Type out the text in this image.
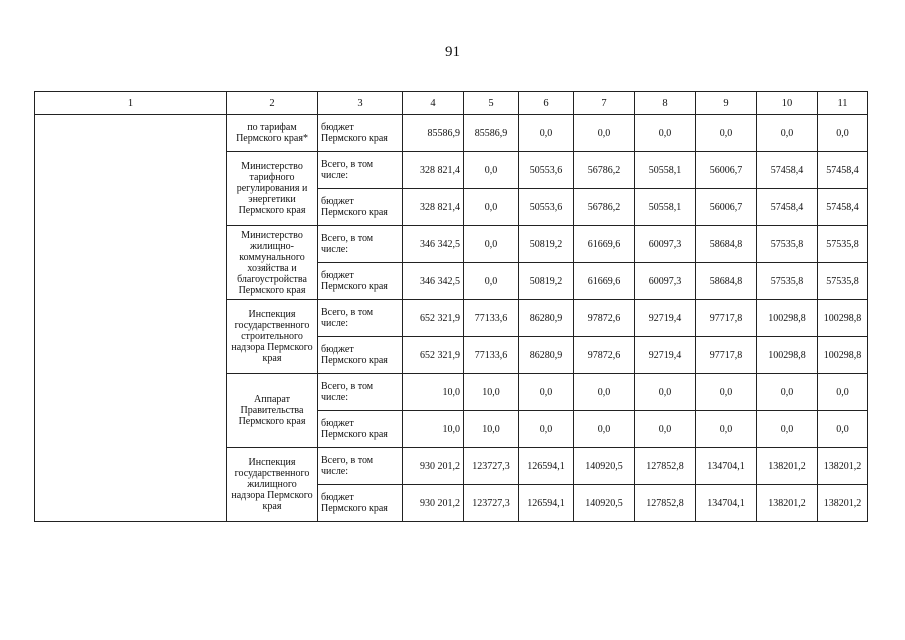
91
1	2	3	4	5	6	7	8	9	10	11
	по тарифам Пермского края*	бюджет Пермского края	85586,9	85586,9	0,0	0,0	0,0	0,0	0,0	0,0
	Министерство тарифного регулирования и энергетики Пермского края	Всего, в том числе:	328 821,4	0,0	50553,6	56786,2	50558,1	56006,7	57458,4	57458,4
		бюджет Пермского края	328 821,4	0,0	50553,6	56786,2	50558,1	56006,7	57458,4	57458,4
	Министерство жилищно-коммунального хозяйства и благоустройства Пермского края	Всего, в том числе:	346 342,5	0,0	50819,2	61669,6	60097,3	58684,8	57535,8	57535,8
		бюджет Пермского края	346 342,5	0,0	50819,2	61669,6	60097,3	58684,8	57535,8	57535,8
	Инспекция государственного строительного надзора Пермского края	Всего, в том числе:	652 321,9	77133,6	86280,9	97872,6	92719,4	97717,8	100298,8	100298,8
		бюджет Пермского края	652 321,9	77133,6	86280,9	97872,6	92719,4	97717,8	100298,8	100298,8
	Аппарат Правительства Пермского края	Всего, в том числе:	10,0	10,0	0,0	0,0	0,0	0,0	0,0	0,0
		бюджет Пермского края	10,0	10,0	0,0	0,0	0,0	0,0	0,0	0,0
	Инспекция государственного жилищного надзора Пермского края	Всего, в том числе:	930 201,2	123727,3	126594,1	140920,5	127852,8	134704,1	138201,2	138201,2
		бюджет Пермского края	930 201,2	123727,3	126594,1	140920,5	127852,8	134704,1	138201,2	138201,2
